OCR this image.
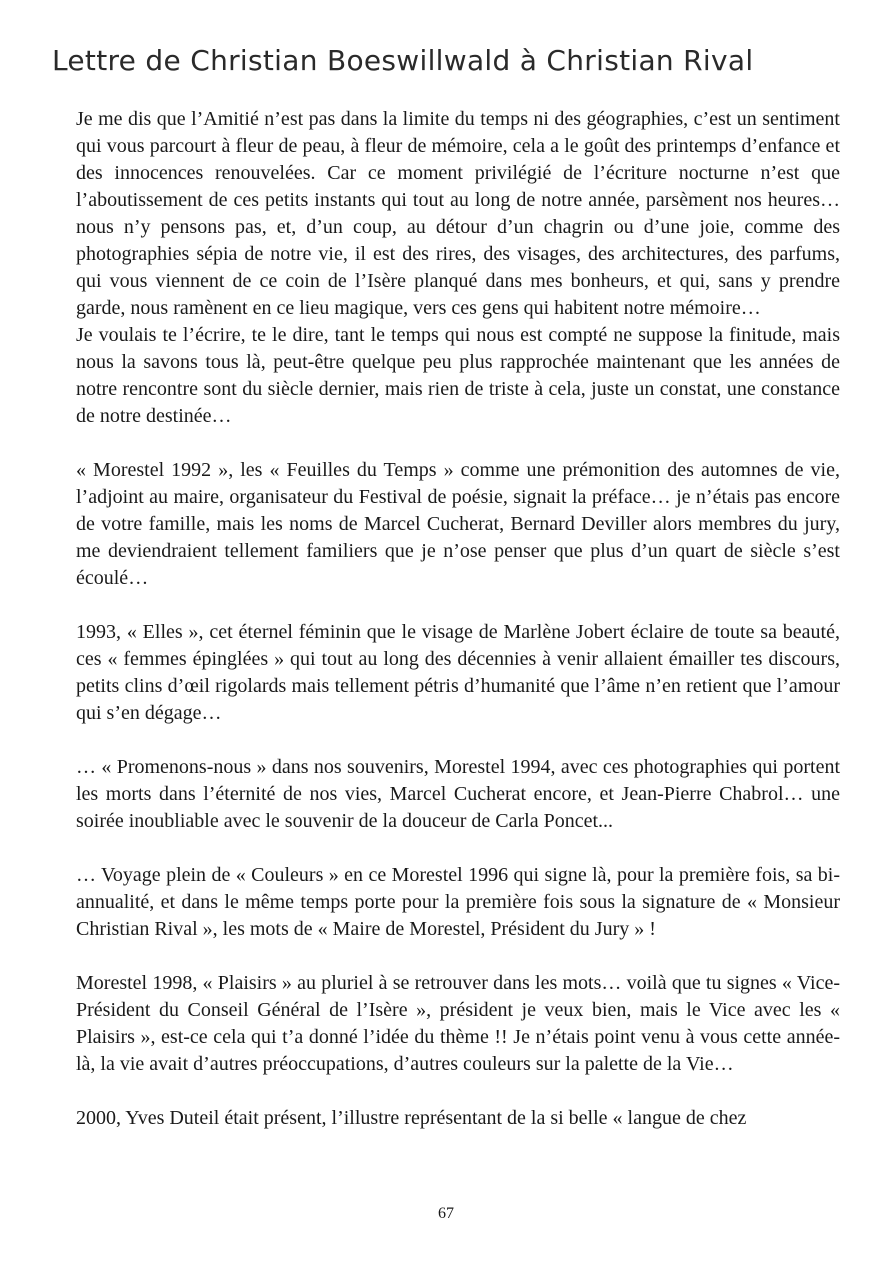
Lettre de Christian Boeswillwald à Christian Rival

Je me dis que l’Amitié n’est pas dans la limite du temps ni des géographies, c’est un sentiment qui vous parcourt à fleur de peau, à fleur de mémoire, cela a le goût des printemps d’enfance et des innocences renouvelées. Car ce moment privilégié de l’écriture nocturne n’est que l’aboutissement de ces petits instants qui tout au long de notre année, parsèment nos heures… nous n’y pensons pas, et, d’un coup, au détour d’un chagrin ou d’une joie, comme des photographies sépia de notre vie, il est des rires, des visages, des architectures, des parfums, qui vous viennent de ce coin de l’Isère planqué dans mes bonheurs, et qui, sans y prendre garde, nous ramènent en ce lieu magique, vers ces gens qui habitent notre mémoire…

Je voulais te l’écrire, te le dire, tant le temps qui nous est compté ne suppose la finitude, mais nous la savons tous là, peut-être quelque peu plus rapprochée maintenant que les années de notre rencontre sont du siècle dernier, mais rien de triste à cela, juste un constat, une constance de notre destinée…

« Morestel 1992 », les « Feuilles du Temps » comme une prémonition des automnes de vie, l’adjoint au maire, organisateur du Festival de poésie, signait la préface… je n’étais pas encore de votre famille, mais les noms de Marcel Cucherat, Bernard Deviller alors membres du jury, me deviendraient tellement familiers que je n’ose penser que plus d’un quart de siècle s’est écoulé…

1993, « Elles », cet éternel féminin que le visage de Marlène Jobert éclaire de toute sa beauté, ces « femmes épinglées » qui tout au long des décennies à venir allaient émailler tes discours, petits clins d’œil rigolards mais tellement pétris d’humanité que l’âme n’en retient que l’amour qui s’en dégage…

… « Promenons-nous » dans nos souvenirs, Morestel 1994, avec ces photographies qui portent les morts dans l’éternité de nos vies, Marcel Cucherat encore, et Jean-Pierre Chabrol… une soirée inoubliable avec le souvenir de la douceur de Carla Poncet...

… Voyage plein de « Couleurs » en ce Morestel 1996 qui signe là, pour la première fois, sa bi-annualité, et dans le même temps porte pour la première fois sous la signature de « Monsieur Christian Rival », les mots de « Maire de Morestel, Président du Jury » !

Morestel 1998, « Plaisirs » au pluriel à se retrouver dans les mots… voilà que tu signes « Vice-Président du Conseil Général de l’Isère », président je veux bien, mais le Vice avec les « Plaisirs », est-ce cela qui t’a donné l’idée du thème !! Je n’étais point venu à vous cette année-là, la vie avait d’autres préoccupations, d’autres couleurs sur la palette de la Vie…

2000, Yves Duteil était présent, l’illustre représentant de la si belle « langue de chez

67
